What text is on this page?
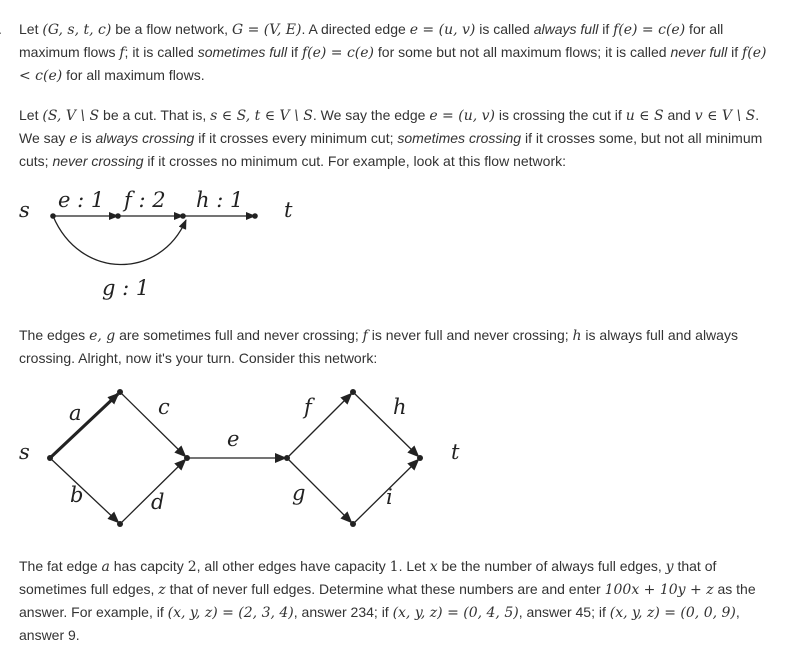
Let (G, s, t, c) be a flow network, G = (V, E). A directed edge e = (u, v) is called always full if f(e) = c(e) for all maximum flows f; it is called sometimes full if f(e) = c(e) for some but not all maximum flows; it is called never full if f(e) < c(e) for all maximum flows.

Let (S, V \ S be a cut. That is, s ∈ S, t ∈ V \ S. We say the edge e = (u, v) is crossing the cut if u ∈ S and v ∈ V \ S. We say e is always crossing if it crosses every minimum cut; sometimes crossing if it crosses some, but not all minimum cuts; never crossing if it crosses no minimum cut. For example, look at this flow network:

s	t
e : 1 f : 2 h : 1
g : 1

The edges e, g are sometimes full and never crossing; f is never full and never crossing; h is always full and always crossing. Alright, now it's your turn. Consider this network:

s	t
a
b
c
d
e
f
g
h
i

The fat edge a has capcity 2, all other edges have capacity 1. Let x be the number of always full edges, y that of sometimes full edges, z that of never full edges. Determine what these numbers are and enter 100x + 10y + z as the answer. For example, if (x, y, z) = (2, 3, 4), answer 234; if (x, y, z) = (0, 4, 5), answer 45; if (x, y, z) = (0, 0, 9), answer 9.
